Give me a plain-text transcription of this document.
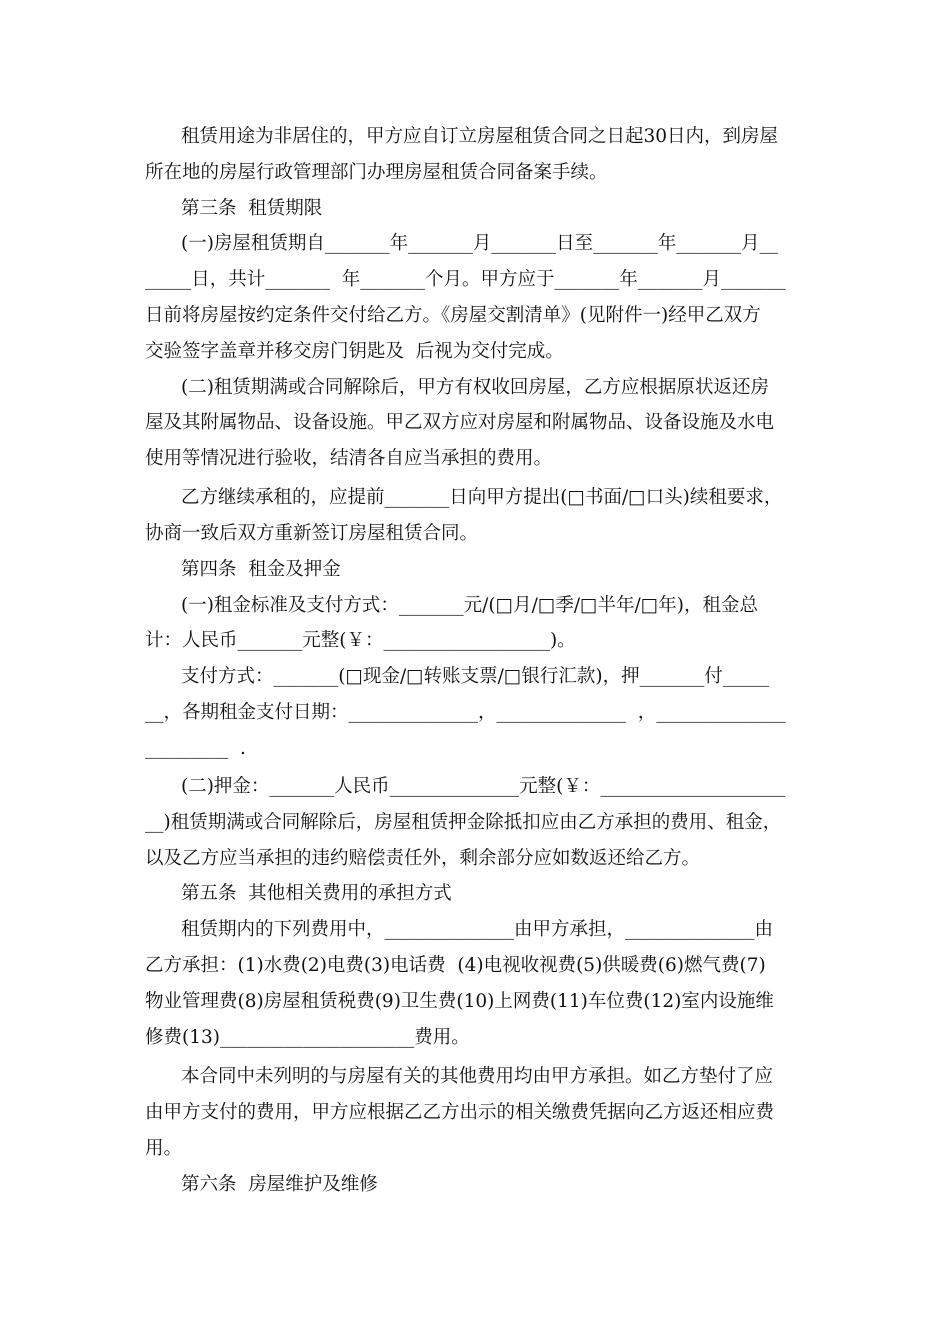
租赁用途为非居住的，甲方应自订立房屋租赁合同之日起30日内，到房屋
所在地的房屋行政管理部门办理房屋租赁合同备案手续。
第三条  租赁期限
(一)房屋租赁期自_______年_______月_______日至_______年_______月__
_____日，共计_______  年_______个月。甲方应于_______年_______月_______
日前将房屋按约定条件交付给乙方。《房屋交割清单》(见附件一)经甲乙双方
交验签字盖章并移交房门钥匙及  后视为交付完成。
(二)租赁期满或合同解除后，甲方有权收回房屋，乙方应根据原状返还房
屋及其附属物品、设备设施。甲乙双方应对房屋和附属物品、设备设施及水电
使用等情况进行验收，结清各自应当承担的费用。
乙方继续承租的，应提前_______日向甲方提出(□书面/□口头)续租要求，
协商一致后双方重新签订房屋租赁合同。
第四条  租金及押金
(一)租金标准及支付方式：_______元/(□月/□季/□半年/□年)，租金总
计：人民币_______元整(￥：__________________)。
支付方式：_______(□现金/□转账支票/□银行汇款)，押_______付_____
__，各期租金支付日期：______________，______________  ，______________
_________  .
(二)押金：_______人民币______________元整(￥：____________________
__)租赁期满或合同解除后，房屋租赁押金除抵扣应由乙方承担的费用、租金，
以及乙方应当承担的违约赔偿责任外，剩余部分应如数返还给乙方。
第五条  其他相关费用的承担方式
租赁期内的下列费用中，______________由甲方承担，______________由
乙方承担：(1)水费(2)电费(3)电话费  (4)电视收视费(5)供暖费(6)燃气费(7)
物业管理费(8)房屋租赁税费(9)卫生费(10)上网费(11)车位费(12)室内设施维
修费(13)_____________________费用。
本合同中未列明的与房屋有关的其他费用均由甲方承担。如乙方垫付了应
由甲方支付的费用，甲方应根据乙乙方出示的相关缴费凭据向乙方返还相应费
用。
第六条  房屋维护及维修
